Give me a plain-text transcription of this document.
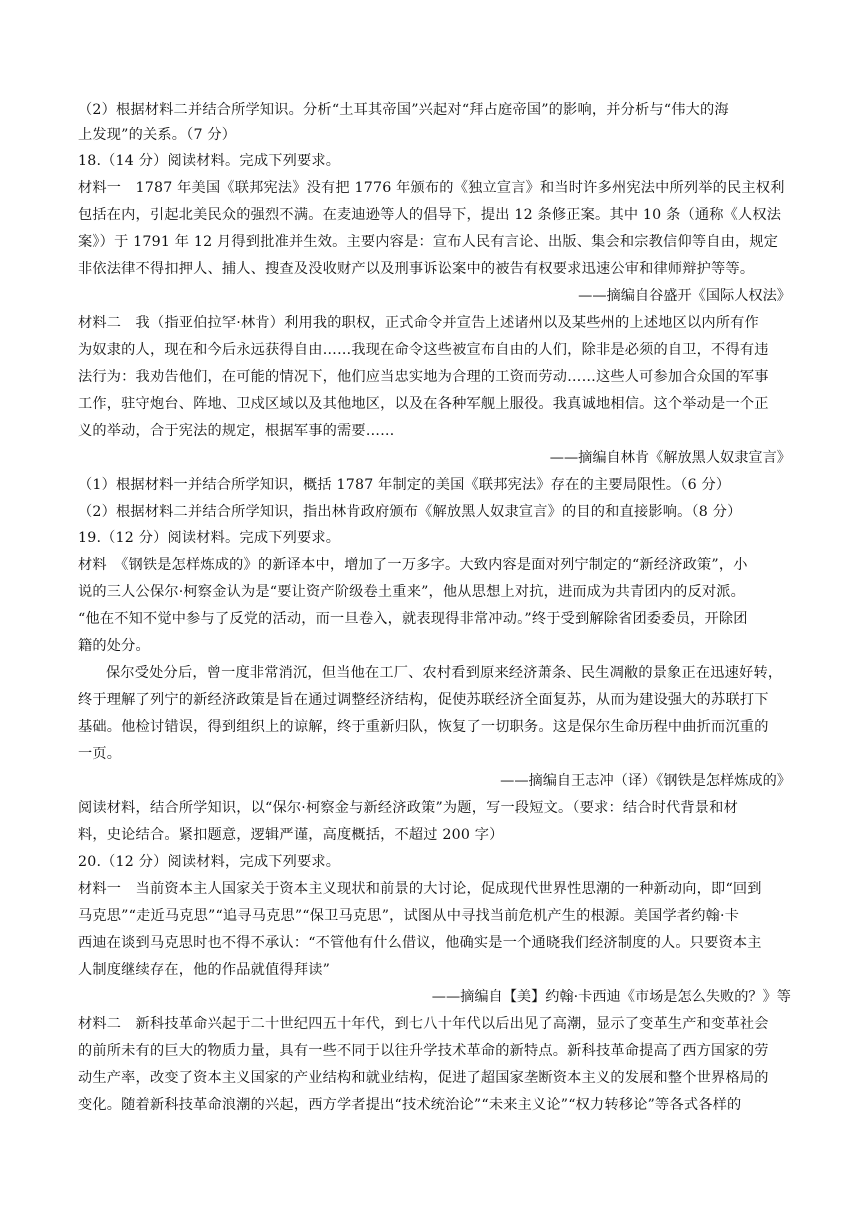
（2）根据材料二并结合所学知识。分析“土耳其帝国”兴起对“拜占庭帝国”的影响，并分析与“伟大的海
上发现”的关系。（7 分）
18.（14 分）阅读材料。完成下列要求。
材料一　1787 年美国《联邦宪法》没有把 1776 年颁布的《独立宣言》和当时许多州宪法中所列举的民主权利
包括在内，引起北美民众的强烈不满。在麦迪逊等人的倡导下，提出 12 条修正案。其中 10 条（通称《人权法
案》）于 1791 年 12 月得到批准并生效。主要内容是：宣布人民有言论、出版、集会和宗教信仰等自由，规定
非依法律不得扣押人、捕人、搜查及没收财产以及刑事诉讼案中的被告有权要求迅速公审和律师辩护等等。
——摘编自谷盛开《国际人权法》
材料二　我（指亚伯拉罕·林肯）利用我的职权，正式命令并宣告上述诸州以及某些州的上述地区以内所有作
为奴隶的人，现在和今后永远获得自由……我现在命令这些被宣布自由的人们，除非是必须的自卫，不得有违
法行为：我劝告他们，在可能的情况下，他们应当忠实地为合理的工资而劳动……这些人可参加合众国的军事
工作，驻守炮台、阵地、卫戍区域以及其他地区，以及在各种军舰上服役。我真诚地相信。这个举动是一个正
义的举动，合于宪法的规定，根据军事的需要……
——摘编自林肯《解放黑人奴隶宣言》
（1）根据材料一并结合所学知识，概括 1787 年制定的美国《联邦宪法》存在的主要局限性。（6 分）
（2）根据材料二并结合所学知识，指出林肯政府颁布《解放黑人奴隶宣言》的目的和直接影响。（8 分）
19.（12 分）阅读材料。完成下列要求。
材料　《钢铁是怎样炼成的》的新译本中，增加了一万多字。大致内容是面对列宁制定的“新经济政策”，小
说的三人公保尔·柯察金认为是“要让资产阶级卷土重来”，他从思想上对抗，进而成为共青团内的反对派。
“他在不知不觉中参与了反党的活动，而一旦卷入，就表现得非常冲动。”终于受到解除省团委委员，开除团
籍的处分。
保尔受处分后，曾一度非常消沉，但当他在工厂、农村看到原来经济萧条、民生凋敝的景象正在迅速好转，
终于理解了列宁的新经济政策是旨在通过调整经济结构，促使苏联经济全面复苏，从而为建设强大的苏联打下
基础。他检讨错误，得到组织上的谅解，终于重新归队，恢复了一切职务。这是保尔生命历程中曲折而沉重的
一页。
——摘编自王志冲（译）《钢铁是怎样炼成的》
阅读材料，结合所学知识，以“保尔·柯察金与新经济政策”为题，写一段短文。（要求：结合时代背景和材
料，史论结合。紧扣题意，逻辑严谨，高度概括，不超过 200 字）
20.（12 分）阅读材料，完成下列要求。
材料一　当前资本主人国家关于资本主义现状和前景的大讨论，促成现代世界性思潮的一种新动向，即“回到
马克思”“走近马克思”“追寻马克思”“保卫马克思”，试图从中寻找当前危机产生的根源。美国学者约翰·卡
西迪在谈到马克思时也不得不承认：“不管他有什么借议，他确实是一个通晓我们经济制度的人。只要资本主
人制度继续存在，他的作品就值得拜读”
——摘编自【美】约翰·卡西迪《市场是怎么失败的？》等
材料二　新科技革命兴起于二十世纪四五十年代，到七八十年代以后出见了高潮，显示了变革生产和变革社会
的前所未有的巨大的物质力量，具有一些不同于以往升学技术革命的新特点。新科技革命提高了西方国家的劳
动生产率，改变了资本主义国家的产业结构和就业结构，促进了超国家垄断资本主义的发展和整个世界格局的
变化。随着新科技革命浪潮的兴起，西方学者提出“技术统治论”“未来主义论”“权力转移论”等各式各样的
